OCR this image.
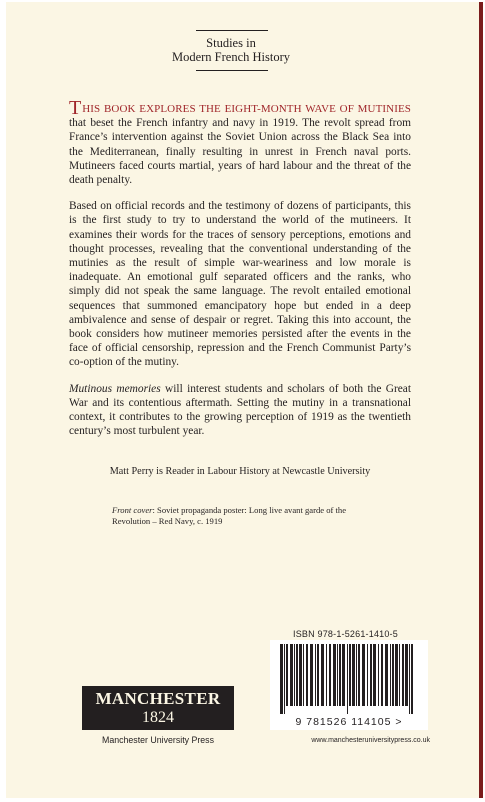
Studies in
Modern French History

THIS BOOK EXPLORES THE EIGHT-MONTH WAVE OF MUTINIES that beset the French infantry and navy in 1919. The revolt spread from France’s intervention against the Soviet Union across the Black Sea into the Mediterranean, finally resulting in unrest in French naval ports. Mutineers faced courts martial, years of hard labour and the threat of the death penalty.

Based on official records and the testimony of dozens of participants, this is the first study to try to understand the world of the mutineers. It examines their words for the traces of sensory perceptions, emotions and thought processes, revealing that the conventional understanding of the mutinies as the result of simple war-weariness and low morale is inadequate. An emotional gulf separated officers and the ranks, who simply did not speak the same language. The revolt entailed emotional sequences that summoned emancipatory hope but ended in a deep ambivalence and sense of despair or regret. Taking this into account, the book considers how mutineer memories persisted after the events in the face of official censorship, repression and the French Communist Party’s co-option of the mutiny.

Mutinous memories will interest students and scholars of both the Great War and its contentious aftermath. Setting the mutiny in a transnational context, it contributes to the growing perception of 1919 as the twentieth century’s most turbulent year.

Matt Perry is Reader in Labour History at Newcastle University
Front cover: Soviet propaganda poster: Long live avant garde of the Revolution – Red Navy, c. 1919
ISBN 978-1-5261-1410-5
9 781526 114105 >
www.manchesteruniversitypress.co.uk
MANCHESTER
1824
Manchester University Press
